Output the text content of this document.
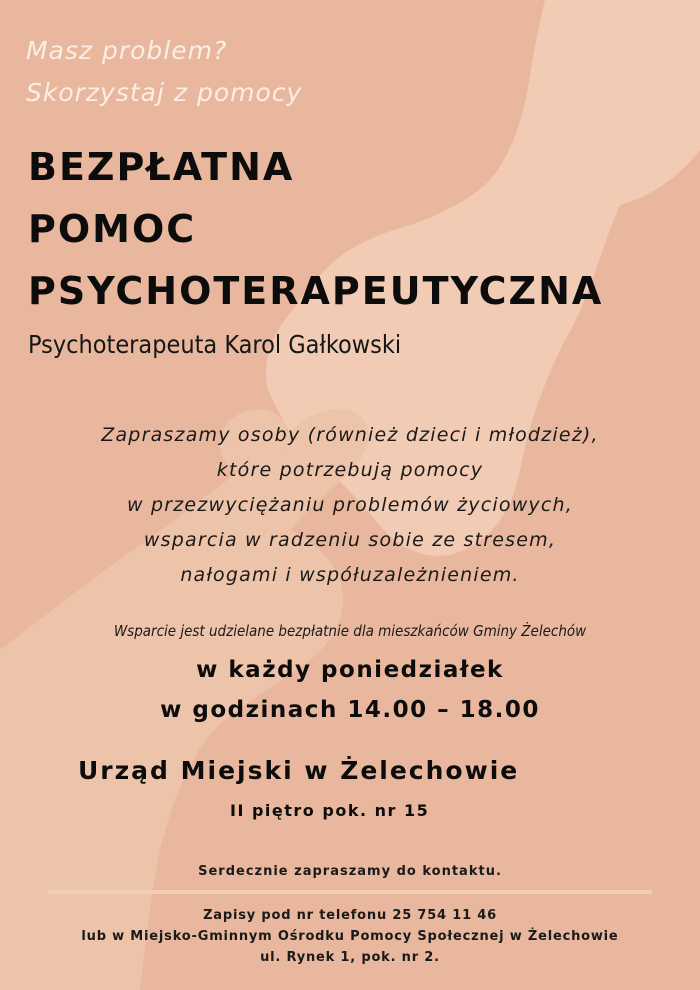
Masz problem?
Skorzystaj z pomocy
BEZPŁATNA
POMOC
PSYCHOTERAPEUTYCZNA

Psychoterapeuta Karol Gałkowski

Zapraszamy osoby (również dzieci i młodzież),
które potrzebują pomocy
w przezwyciężaniu problemów życiowych,
wsparcia w radzeniu sobie ze stresem,
nałogami i współuzależnieniem.

Wsparcie jest udzielane bezpłatnie dla mieszkańców Gminy Żelechów

w każdy poniedziałek
w godzinach 14.00 – 18.00

Urząd Miejski w Żelechowie

II piętro pok. nr 15

Serdecznie zapraszamy do kontaktu.

Zapisy pod nr telefonu 25 754 11 46
lub w Miejsko-Gminnym Ośrodku Pomocy Społecznej w Żelechowie
ul. Rynek 1, pok. nr 2.
